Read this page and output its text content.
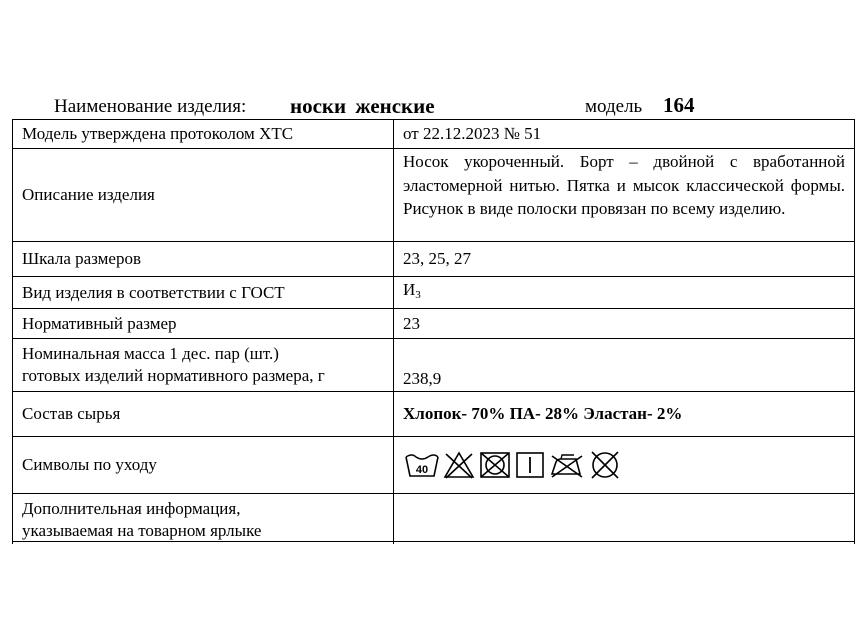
Наименование изделия: носки женские	модель 164
Модель утверждена протоколом ХТС	от 22.12.2023 № 51
Описание изделия	Носок укороченный. Борт – двойной с вработанной эластомерной нитью. Пятка и мысок классической формы. Рисунок в виде полоски провязан по всему изделию.
Шкала размеров	23, 25, 27
Вид изделия в соответствии с ГОСТ	$И_3$
Нормативный размер	23

Номинальная масса 1 дес. пар (шт.)
готовых изделий нормативного размера, г	238,9
Состав сырья	Хлопок- 70% ПА- 28% Эластан- 2%
Символы по уходу	40

Дополнительная информация,
указываемая на товарном ярлыке	
